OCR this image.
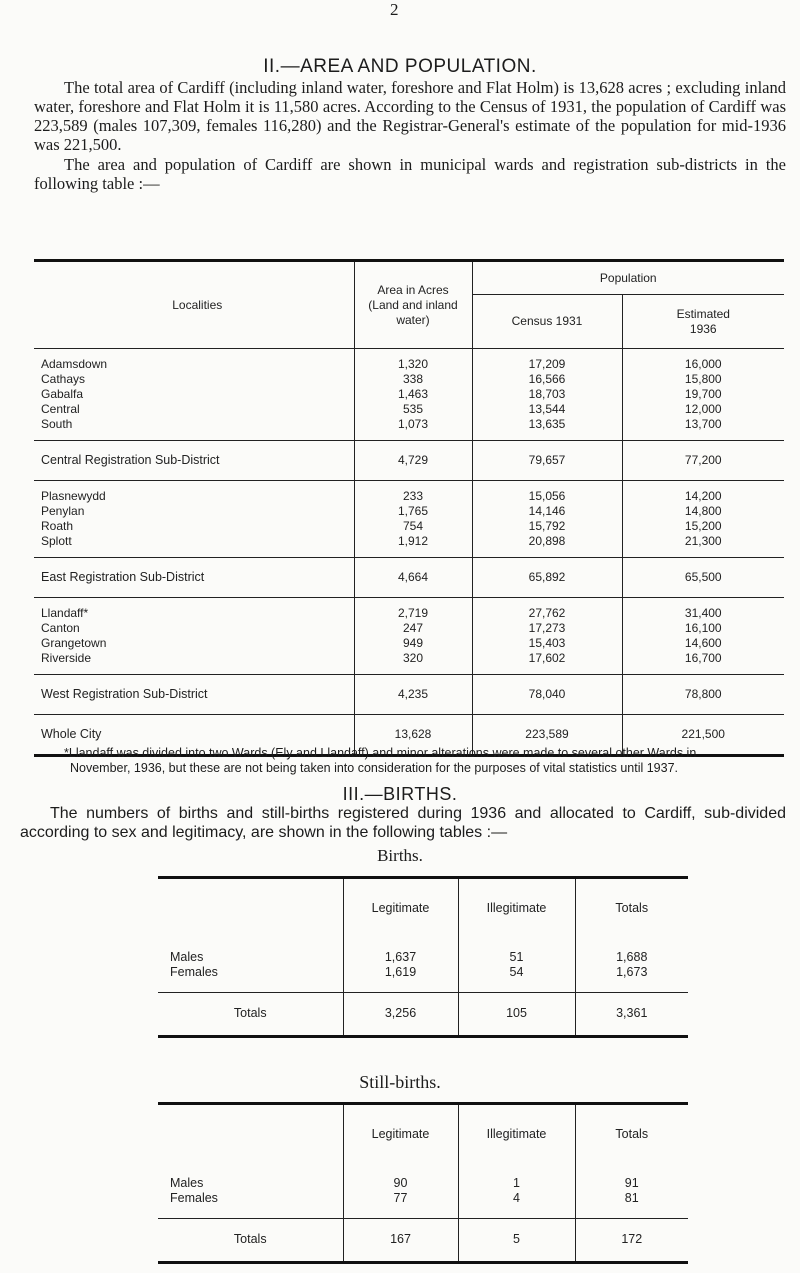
2
II.—AREA AND POPULATION.
The total area of Cardiff (including inland water, foreshore and Flat Holm) is 13,628 acres ; excluding inland water, foreshore and Flat Holm it is 11,580 acres. According to the Census of 1931, the population of Cardiff was 223,589 (males 107,309, females 116,280) and the Registrar-General's estimate of the population for mid-1936 was 221,500.
The area and population of Cardiff are shown in municipal wards and registration sub-districts in the following table :—
Localities	Area in Acres (Land and inland water)	Population	
		Census 1931	Estimated 1936
Adamsdown	1,320	17,209	16,000
Cathays	338	16,566	15,800
Gabalfa	1,463	18,703	19,700
Central	535	13,544	12,000
South	1,073	13,635	13,700
Central Registration Sub-District	4,729	79,657	77,200
Plasnewydd	233	15,056	14,200
Penylan	1,765	14,146	14,800
Roath	754	15,792	15,200
Splott	1,912	20,898	21,300
East Registration Sub-District	4,664	65,892	65,500
Llandaff*	2,719	27,762	31,400
Canton	247	17,273	16,100
Grangetown	949	15,403	14,600
Riverside	320	17,602	16,700
West Registration Sub-District	4,235	78,040	78,800
Whole City	13,628	223,589	221,500
*Llandaff was divided into two Wards (Ely and Llandaff) and minor alterations were made to several other Wards in November, 1936, but these are not being taken into consideration for the purposes of vital statistics until 1937.
III.—BIRTHS.
The numbers of births and still-births registered during 1936 and allocated to Cardiff, sub-divided according to sex and legitimacy, are shown in the following tables :—
Births.
	Legitimate	Illegitimate	Totals
Males	1,637	51	1,688
Females	1,619	54	1,673
Totals	3,256	105	3,361
Still-births.
	Legitimate	Illegitimate	Totals
Males	90	1	91
Females	77	4	81
Totals	167	5	172
